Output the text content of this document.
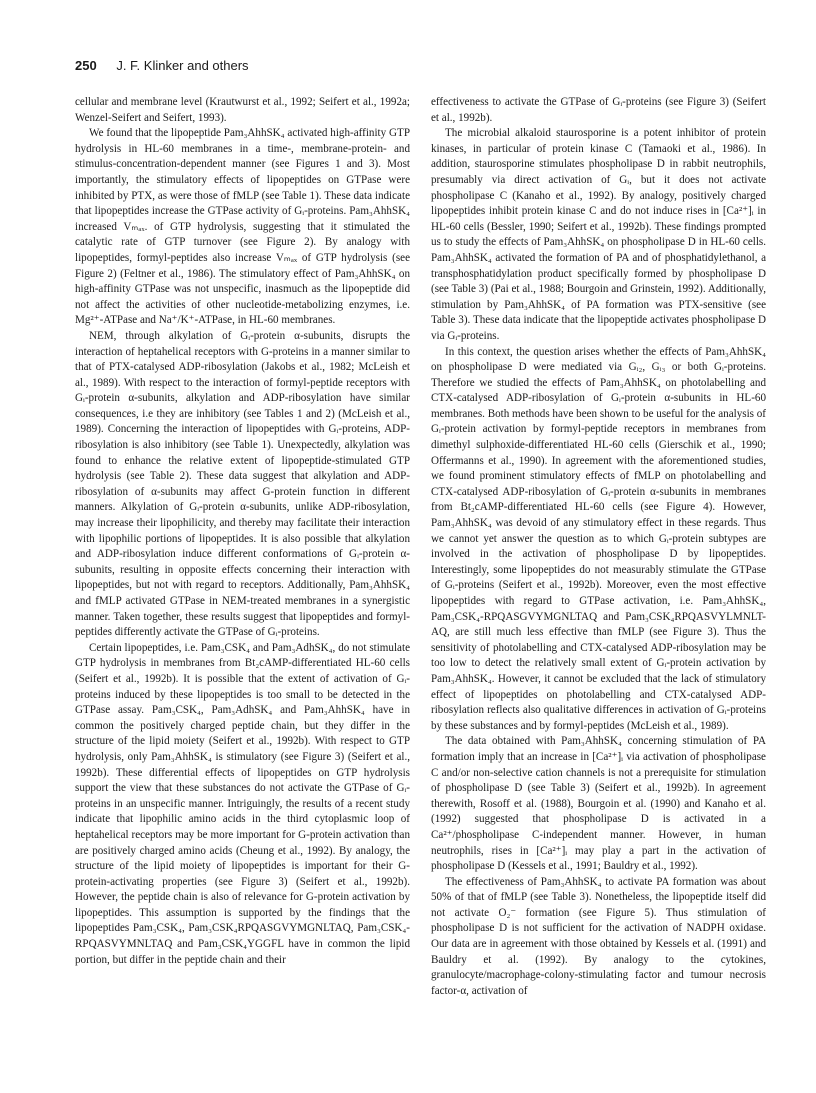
250 J. F. Klinker and others

cellular and membrane level (Krautwurst et al., 1992; Seifert et al., 1992a; Wenzel-Seifert and Seifert, 1993).

We found that the lipopeptide Pam₃AhhSK₄ activated high-affinity GTP hydrolysis in HL-60 membranes in a time-, membrane-protein- and stimulus-concentration-dependent manner (see Figures 1 and 3). Most importantly, the stimulatory effects of lipopeptides on GTPase were inhibited by PTX, as were those of fMLP (see Table 1). These data indicate that lipopeptides increase the GTPase activity of Gᵢ-proteins. Pam₃AhhSK₄ increased Vₘₐₓ. of GTP hydrolysis, suggesting that it stimulated the catalytic rate of GTP turnover (see Figure 2). By analogy with lipopeptides, formyl-peptides also increase Vₘₐₓ of GTP hydrolysis (see Figure 2) (Feltner et al., 1986). The stimulatory effect of Pam₃AhhSK₄ on high-affinity GTPase was not unspecific, inasmuch as the lipopeptide did not affect the activities of other nucleotide-metabolizing enzymes, i.e. Mg²⁺-ATPase and Na⁺/K⁺-ATPase, in HL-60 membranes.

NEM, through alkylation of Gᵢ-protein α-subunits, disrupts the interaction of heptahelical receptors with G-proteins in a manner similar to that of PTX-catalysed ADP-ribosylation (Jakobs et al., 1982; McLeish et al., 1989). With respect to the interaction of formyl-peptide receptors with Gᵢ-protein α-subunits, alkylation and ADP-ribosylation have similar consequences, i.e they are inhibitory (see Tables 1 and 2) (McLeish et al., 1989). Concerning the interaction of lipopeptides with Gᵢ-proteins, ADP-ribosylation is also inhibitory (see Table 1). Unexpectedly, alkylation was found to enhance the relative extent of lipopeptide-stimulated GTP hydrolysis (see Table 2). These data suggest that alkylation and ADP-ribosylation of α-subunits may affect G-protein function in different manners. Alkylation of Gᵢ-protein α-subunits, unlike ADP-ribosylation, may increase their lipophilicity, and thereby may facilitate their interaction with lipophilic portions of lipopeptides. It is also possible that alkylation and ADP-ribosylation induce different conformations of Gᵢ-protein α-subunits, resulting in opposite effects concerning their interaction with lipopeptides, but not with regard to receptors. Additionally, Pam₃AhhSK₄ and fMLP activated GTPase in NEM-treated membranes in a synergistic manner. Taken together, these results suggest that lipopeptides and formyl-peptides differently activate the GTPase of Gᵢ-proteins.

Certain lipopeptides, i.e. Pam₃CSK₄ and Pam₃AdhSK₄, do not stimulate GTP hydrolysis in membranes from Bt₂cAMP-differentiated HL-60 cells (Seifert et al., 1992b). It is possible that the extent of activation of Gᵢ-proteins induced by these lipopeptides is too small to be detected in the GTPase assay. Pam₃CSK₄, Pam₃AdhSK₄ and Pam₃AhhSK₄ have in common the positively charged peptide chain, but they differ in the structure of the lipid moiety (Seifert et al., 1992b). With respect to GTP hydrolysis, only Pam₃AhhSK₄ is stimulatory (see Figure 3) (Seifert et al., 1992b). These differential effects of lipopeptides on GTP hydrolysis support the view that these substances do not activate the GTPase of Gᵢ-proteins in an unspecific manner. Intriguingly, the results of a recent study indicate that lipophilic amino acids in the third cytoplasmic loop of heptahelical receptors may be more important for G-protein activation than are positively charged amino acids (Cheung et al., 1992). By analogy, the structure of the lipid moiety of lipopeptides is important for their G-protein-activating properties (see Figure 3) (Seifert et al., 1992b). However, the peptide chain is also of relevance for G-protein activation by lipopeptides. This assumption is supported by the findings that the lipopeptides Pam₃CSK₄, Pam₃CSK₄RPQASGVYMGNLTAQ, Pam₃CSK₄-RPQASVYMNLTAQ and Pam₃CSK₄YGGFL have in common the lipid portion, but differ in the peptide chain and their

effectiveness to activate the GTPase of Gᵢ-proteins (see Figure 3) (Seifert et al., 1992b).

The microbial alkaloid staurosporine is a potent inhibitor of protein kinases, in particular of protein kinase C (Tamaoki et al., 1986). In addition, staurosporine stimulates phospholipase D in rabbit neutrophils, presumably via direct activation of Gᵢ, but it does not activate phospholipase C (Kanaho et al., 1992). By analogy, positively charged lipopeptides inhibit protein kinase C and do not induce rises in [Ca²⁺]ᵢ in HL-60 cells (Bessler, 1990; Seifert et al., 1992b). These findings prompted us to study the effects of Pam₃AhhSK₄ on phospholipase D in HL-60 cells. Pam₃AhhSK₄ activated the formation of PA and of phosphatidylethanol, a transphosphatidylation product specifically formed by phospholipase D (see Table 3) (Pai et al., 1988; Bourgoin and Grinstein, 1992). Additionally, stimulation by Pam₃AhhSK₄ of PA formation was PTX-sensitive (see Table 3). These data indicate that the lipopeptide activates phospholipase D via Gᵢ-proteins.

In this context, the question arises whether the effects of Pam₃AhhSK₄ on phospholipase D were mediated via Gᵢ₂, Gᵢ₃ or both Gᵢ-proteins. Therefore we studied the effects of Pam₃AhhSK₄ on photolabelling and CTX-catalysed ADP-ribosylation of Gᵢ-protein α-subunits in HL-60 membranes. Both methods have been shown to be useful for the analysis of Gᵢ-protein activation by formyl-peptide receptors in membranes from dimethyl sulphoxide-differentiated HL-60 cells (Gierschik et al., 1990; Offermanns et al., 1990). In agreement with the aforementioned studies, we found prominent stimulatory effects of fMLP on photolabelling and CTX-catalysed ADP-ribosylation of Gᵢ-protein α-subunits in membranes from Bt₂cAMP-differentiated HL-60 cells (see Figure 4). However, Pam₃AhhSK₄ was devoid of any stimulatory effect in these regards. Thus we cannot yet answer the question as to which Gᵢ-protein subtypes are involved in the activation of phospholipase D by lipopeptides. Interestingly, some lipopeptides do not measurably stimulate the GTPase of Gᵢ-proteins (Seifert et al., 1992b). Moreover, even the most effective lipopeptides with regard to GTPase activation, i.e. Pam₃AhhSK₄, Pam₃CSK₄-RPQASGVYMGNLTAQ and Pam₃CSK₄RPQASVYLMNLT-AQ, are still much less effective than fMLP (see Figure 3). Thus the sensitivity of photolabelling and CTX-catalysed ADP-ribosylation may be too low to detect the relatively small extent of Gᵢ-protein activation by Pam₃AhhSK₄. However, it cannot be excluded that the lack of stimulatory effect of lipopeptides on photolabelling and CTX-catalysed ADP-ribosylation reflects also qualitative differences in activation of Gᵢ-proteins by these substances and by formyl-peptides (McLeish et al., 1989).

The data obtained with Pam₃AhhSK₄ concerning stimulation of PA formation imply that an increase in [Ca²⁺]ᵢ via activation of phospholipase C and/or non-selective cation channels is not a prerequisite for stimulation of phospholipase D (see Table 3) (Seifert et al., 1992b). In agreement therewith, Rosoff et al. (1988), Bourgoin et al. (1990) and Kanaho et al. (1992) suggested that phospholipase D is activated in a Ca²⁺/phospholipase C-independent manner. However, in human neutrophils, rises in [Ca²⁺]ᵢ may play a part in the activation of phospholipase D (Kessels et al., 1991; Bauldry et al., 1992).

The effectiveness of Pam₃AhhSK₄ to activate PA formation was about 50% of that of fMLP (see Table 3). Nonetheless, the lipopeptide itself did not activate O₂⁻ formation (see Figure 5). Thus stimulation of phospholipase D is not sufficient for the activation of NADPH oxidase. Our data are in agreement with those obtained by Kessels et al. (1991) and Bauldry et al. (1992). By analogy to the cytokines, granulocyte/macrophage-colony-stimulating factor and tumour necrosis factor-α, activation of
